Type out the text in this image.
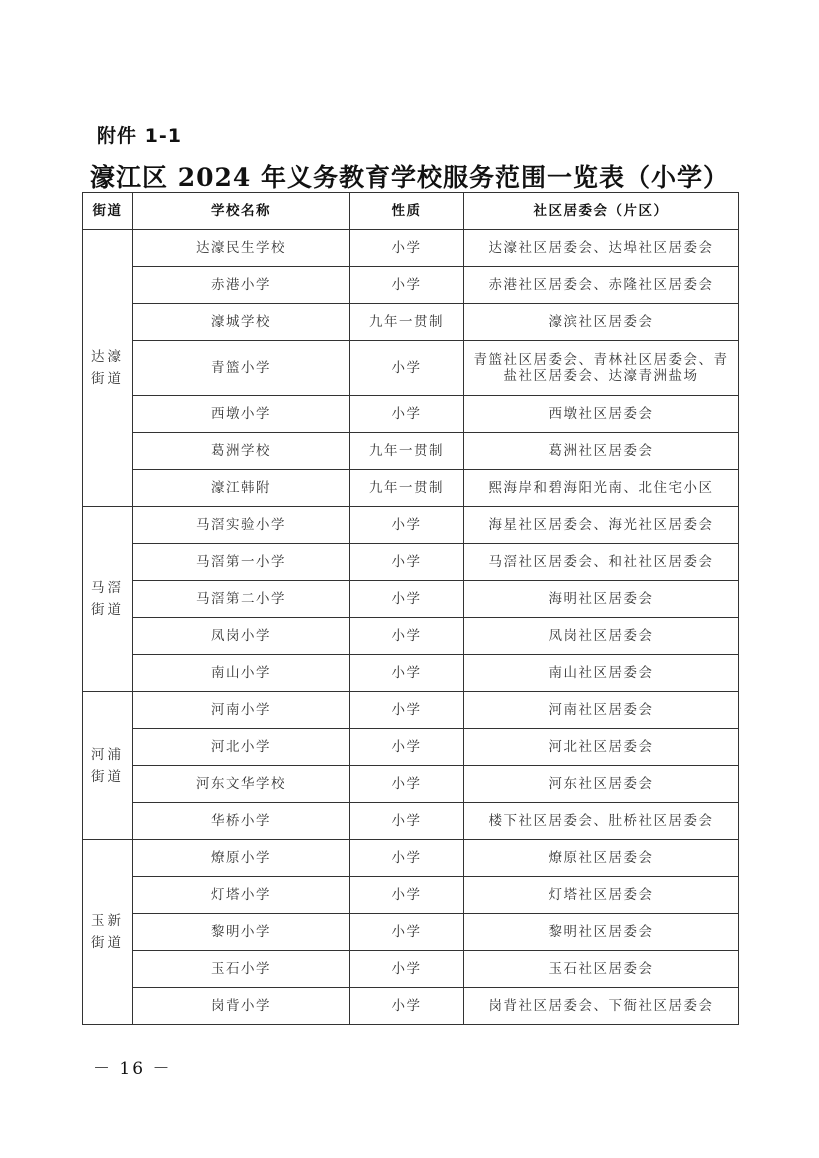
附件 1-1
濠江区 2024 年义务教育学校服务范围一览表（小学）
街道	学校名称	性质	社区居委会（片区）
达濠街道	达濠民生学校	小学	达濠社区居委会、达埠社区居委会
	赤港小学	小学	赤港社区居委会、赤隆社区居委会
	濠城学校	九年一贯制	濠滨社区居委会
	青篮小学	小学	青篮社区居委会、青林社区居委会、青盐社区居委会、达濠青洲盐场
	西墩小学	小学	西墩社区居委会
	葛洲学校	九年一贯制	葛洲社区居委会
	濠江韩附	九年一贯制	熙海岸和碧海阳光南、北住宅小区
马滘街道	马滘实验小学	小学	海星社区居委会、海光社区居委会
	马滘第一小学	小学	马滘社区居委会、和社社区居委会
	马滘第二小学	小学	海明社区居委会
	凤岗小学	小学	凤岗社区居委会
	南山小学	小学	南山社区居委会
河浦街道	河南小学	小学	河南社区居委会
	河北小学	小学	河北社区居委会
	河东文华学校	小学	河东社区居委会
	华桥小学	小学	楼下社区居委会、肚桥社区居委会
玉新街道	燎原小学	小学	燎原社区居委会
	灯塔小学	小学	灯塔社区居委会
	黎明小学	小学	黎明社区居委会
	玉石小学	小学	玉石社区居委会
	岗背小学	小学	岗背社区居委会、下衙社区居委会
－ 16 －
